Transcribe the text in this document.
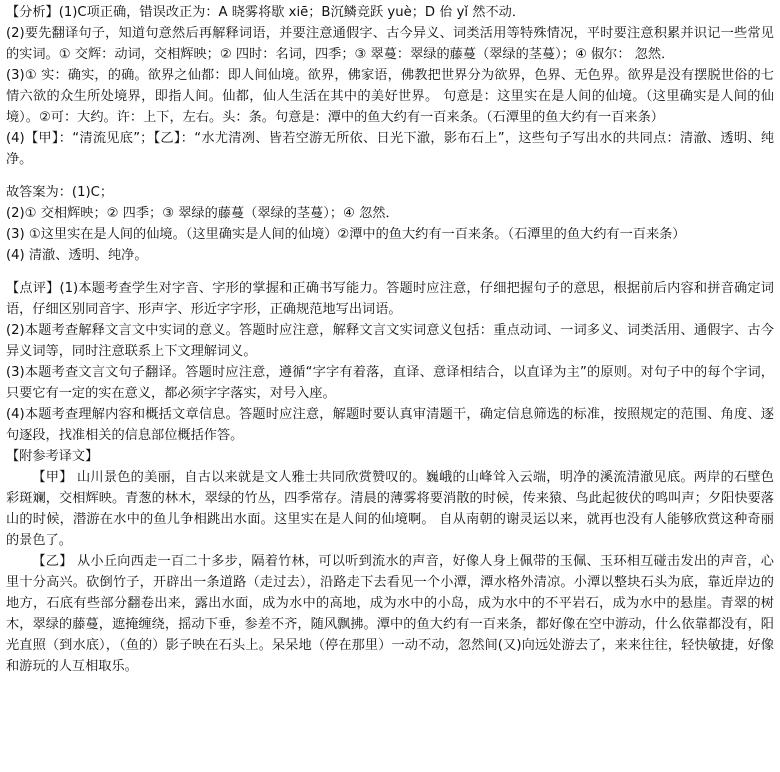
【分析】(1)C项正确，错误改正为：A 晓雾将歇 xiē；B沉鳞竞跃 yuè；D 佁 yǐ 然不动．

(2)要先翻译句子，知道句意然后再解释词语，并要注意通假字、古今异义、词类活用等特殊情况，平时要注意积累并识记一些常见的实词。① 交辉：动词，交相辉映；② 四时：名词，四季；③ 翠蔓：翠绿的藤蔓（翠绿的茎蔓）；④ 俶尔： 忽然．

(3)① 实：确实，的确。欲界之仙都：即人间仙境。欲界，佛家语，佛教把世界分为欲界，色界、无色界。欲界是没有摆脱世俗的七情六欲的众生所处境界，即指人间。仙都，仙人生活在其中的美好世界。 句意是：这里实在是人间的仙境。（这里确实是人间的仙境）。②可：大约。许：上下，左右。头：条。句意是：潭中的鱼大约有一百来条。（石潭里的鱼大约有一百来条）

(4)【甲】：“清流见底”；【乙】：“水尤清冽、皆若空游无所依、日光下澈，影布石上”，这些句子写出水的共同点：清澈、透明、纯净。

故答案为：(1)C；

(2)① 交相辉映；② 四季；③ 翠绿的藤蔓（翠绿的茎蔓）；④ 忽然．

(3) ①这里实在是人间的仙境。（这里确实是人间的仙境）②潭中的鱼大约有一百来条。（石潭里的鱼大约有一百来条）

(4) 清澈、透明、纯净。

【点评】(1)本题考查学生对字音、字形的掌握和正确书写能力。答题时应注意，仔细把握句子的意思，根据前后内容和拼音确定词语，仔细区别同音字、形声字、形近字字形，正确规范地写出词语。

(2)本题考查解释文言文中实词的意义。答题时应注意，解释文言文实词意义包括：重点动词、一词多义、词类活用、通假字、古今异义词等，同时注意联系上下文理解词义。

(3)本题考查文言文句子翻译。答题时应注意，遵循“字字有着落，直译、意译相结合，以直译为主”的原则。对句子中的每个字词，只要它有一定的实在意义，都必须字字落实，对号入座。

(4)本题考查理解内容和概括文章信息。答题时应注意，解题时要认真审清题干，确定信息筛选的标准，按照规定的范围、角度、逐句逐段，找准相关的信息部位概括作答。

【附参考译文】

【甲】 山川景色的美丽，自古以来就是文人雅士共同欣赏赞叹的。巍峨的山峰耸入云端，明净的溪流清澈见底。两岸的石壁色彩斑斓，交相辉映。青葱的林木，翠绿的竹丛，四季常存。清晨的薄雾将要消散的时候，传来猿、鸟此起彼伏的鸣叫声；夕阳快要落山的时候，潜游在水中的鱼儿争相跳出水面。这里实在是人间的仙境啊。 自从南朝的谢灵运以来，就再也没有人能够欣赏这种奇丽的景色了。

【乙】 从小丘向西走一百二十多步，隔着竹林，可以听到流水的声音，好像人身上佩带的玉佩、玉环相互碰击发出的声音，心里十分高兴。砍倒竹子，开辟出一条道路（走过去），沿路走下去看见一个小潭，潭水格外清凉。小潭以整块石头为底，靠近岸边的地方，石底有些部分翻卷出来，露出水面，成为水中的高地，成为水中的小岛，成为水中的不平岩石，成为水中的悬崖。青翠的树木，翠绿的藤蔓，遮掩缠绕，摇动下垂，参差不齐，随风飘拂。潭中的鱼大约有一百来条，都好像在空中游动，什么依靠都没有，阳光直照（到水底），（鱼的）影子映在石头上。呆呆地（停在那里）一动不动，忽然间(又)向远处游去了，来来往往，轻快敏捷，好像和游玩的人互相取乐。
